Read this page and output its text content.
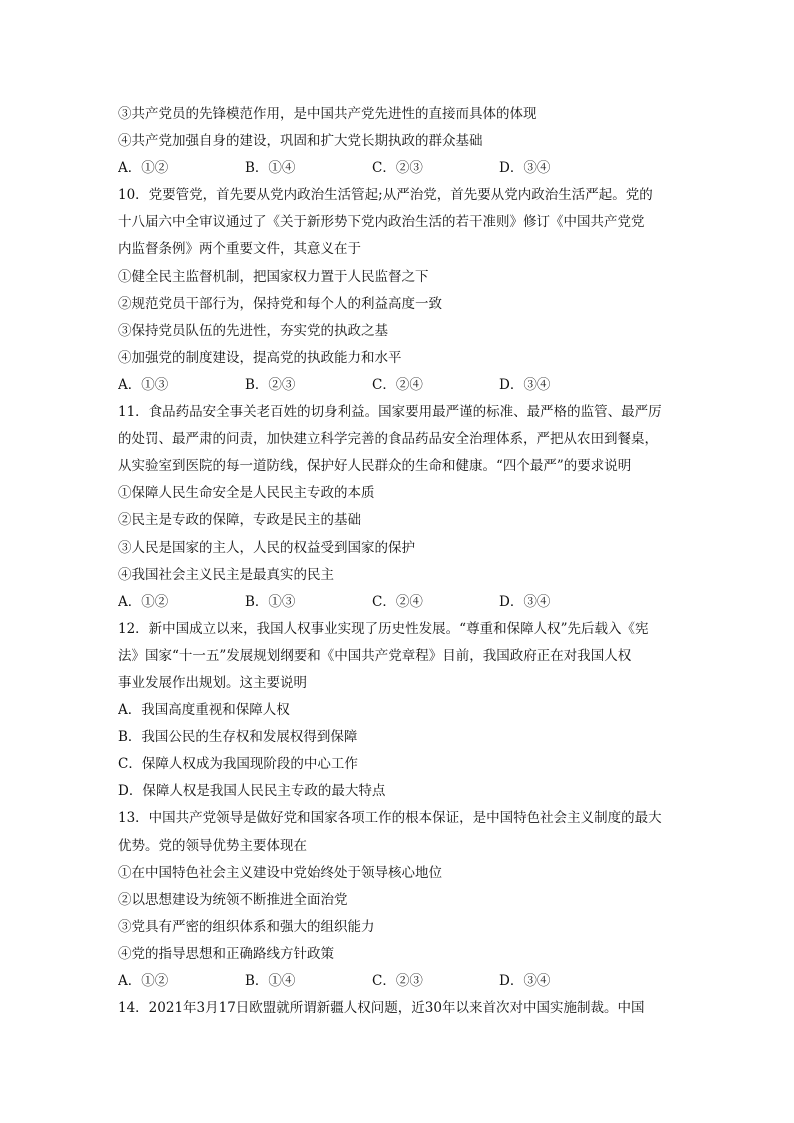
③共产党员的先锋模范作用，是中国共产党先进性的直接而具体的体现
④共产党加强自身的建设，巩固和扩大党长期执政的群众基础
A．①②	B．①④	C．②③	D．③④
10．党要管党，首先要从党内政治生活管起;从严治党，首先要从党内政治生活严起。党的
十八届六中全审议通过了《关于新形势下党内政治生活的若干准则》修订《中国共产党党
内监督条例》两个重要文件，其意义在于
①健全民主监督机制，把国家权力置于人民监督之下
②规范党员干部行为，保持党和每个人的利益高度一致
③保持党员队伍的先进性，夯实党的执政之基
④加强党的制度建设，提高党的执政能力和水平
A．①③	B．②③	C．②④	D．③④
11．食品药品安全事关老百姓的切身利益。国家要用最严谨的标准、最严格的监管、最严厉
的处罚、最严肃的问责，加快建立科学完善的食品药品安全治理体系，严把从农田到餐桌，
从实验室到医院的每一道防线，保护好人民群众的生命和健康。“四个最严”的要求说明
①保障人民生命安全是人民民主专政的本质
②民主是专政的保障，专政是民主的基础
③人民是国家的主人，人民的权益受到国家的保护
④我国社会主义民主是最真实的民主
A．①②	B．①③	C．②④	D．③④
12．新中国成立以来，我国人权事业实现了历史性发展。“尊重和保障人权”先后载入《宪
法》国家“十一五”发展规划纲要和《中国共产党章程》目前，我国政府正在对我国人权
事业发展作出规划。这主要说明
A．我国高度重视和保障人权
B．我国公民的生存权和发展权得到保障
C．保障人权成为我国现阶段的中心工作
D．保障人权是我国人民民主专政的最大特点
13．中国共产党领导是做好党和国家各项工作的根本保证，是中国特色社会主义制度的最大
优势。党的领导优势主要体现在
①在中国特色社会主义建设中党始终处于领导核心地位
②以思想建设为统领不断推进全面治党
③党具有严密的组织体系和强大的组织能力
④党的指导思想和正确路线方针政策
A．①②	B．①④	C．②③	D．③④
14．2021年3月17日欧盟就所谓新疆人权问题，近30年以来首次对中国实施制裁。中国
